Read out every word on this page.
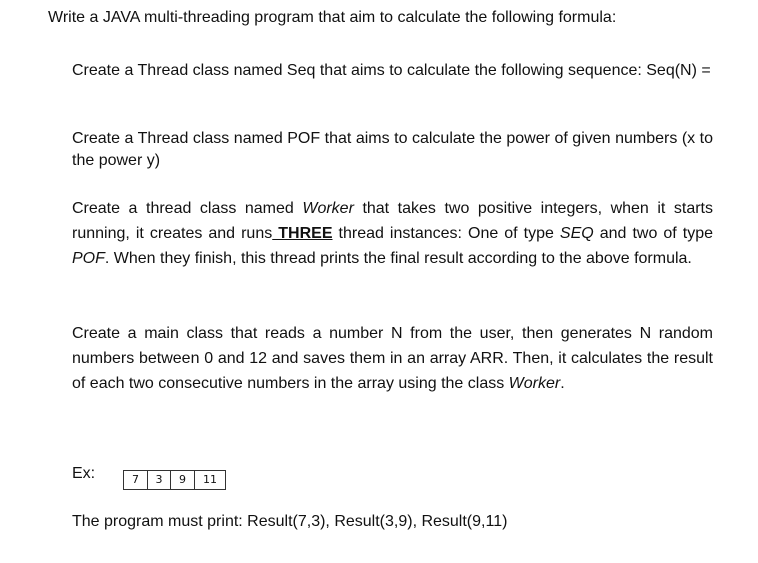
Write a JAVA multi-threading program that aim to calculate the following formula:

Create a Thread class named Seq that aims to calculate the following sequence: Seq(N) =

Create a Thread class named POF that aims to calculate the power of given numbers (x to the power y)

Create a thread class named Worker that takes two positive integers, when it starts running, it creates and runs THREE thread instances: One of type SEQ and two of type POF. When they finish, this thread prints the final result according to the above formula.

Create a main class that reads a number N from the user, then generates N random numbers between 0 and 12 and saves them in an array ARR. Then, it calculates the result of each two consecutive numbers in the array using the class Worker.

Ex:	7	3	9	11
The program must print: Result(7,3), Result(3,9), Result(9,11)
